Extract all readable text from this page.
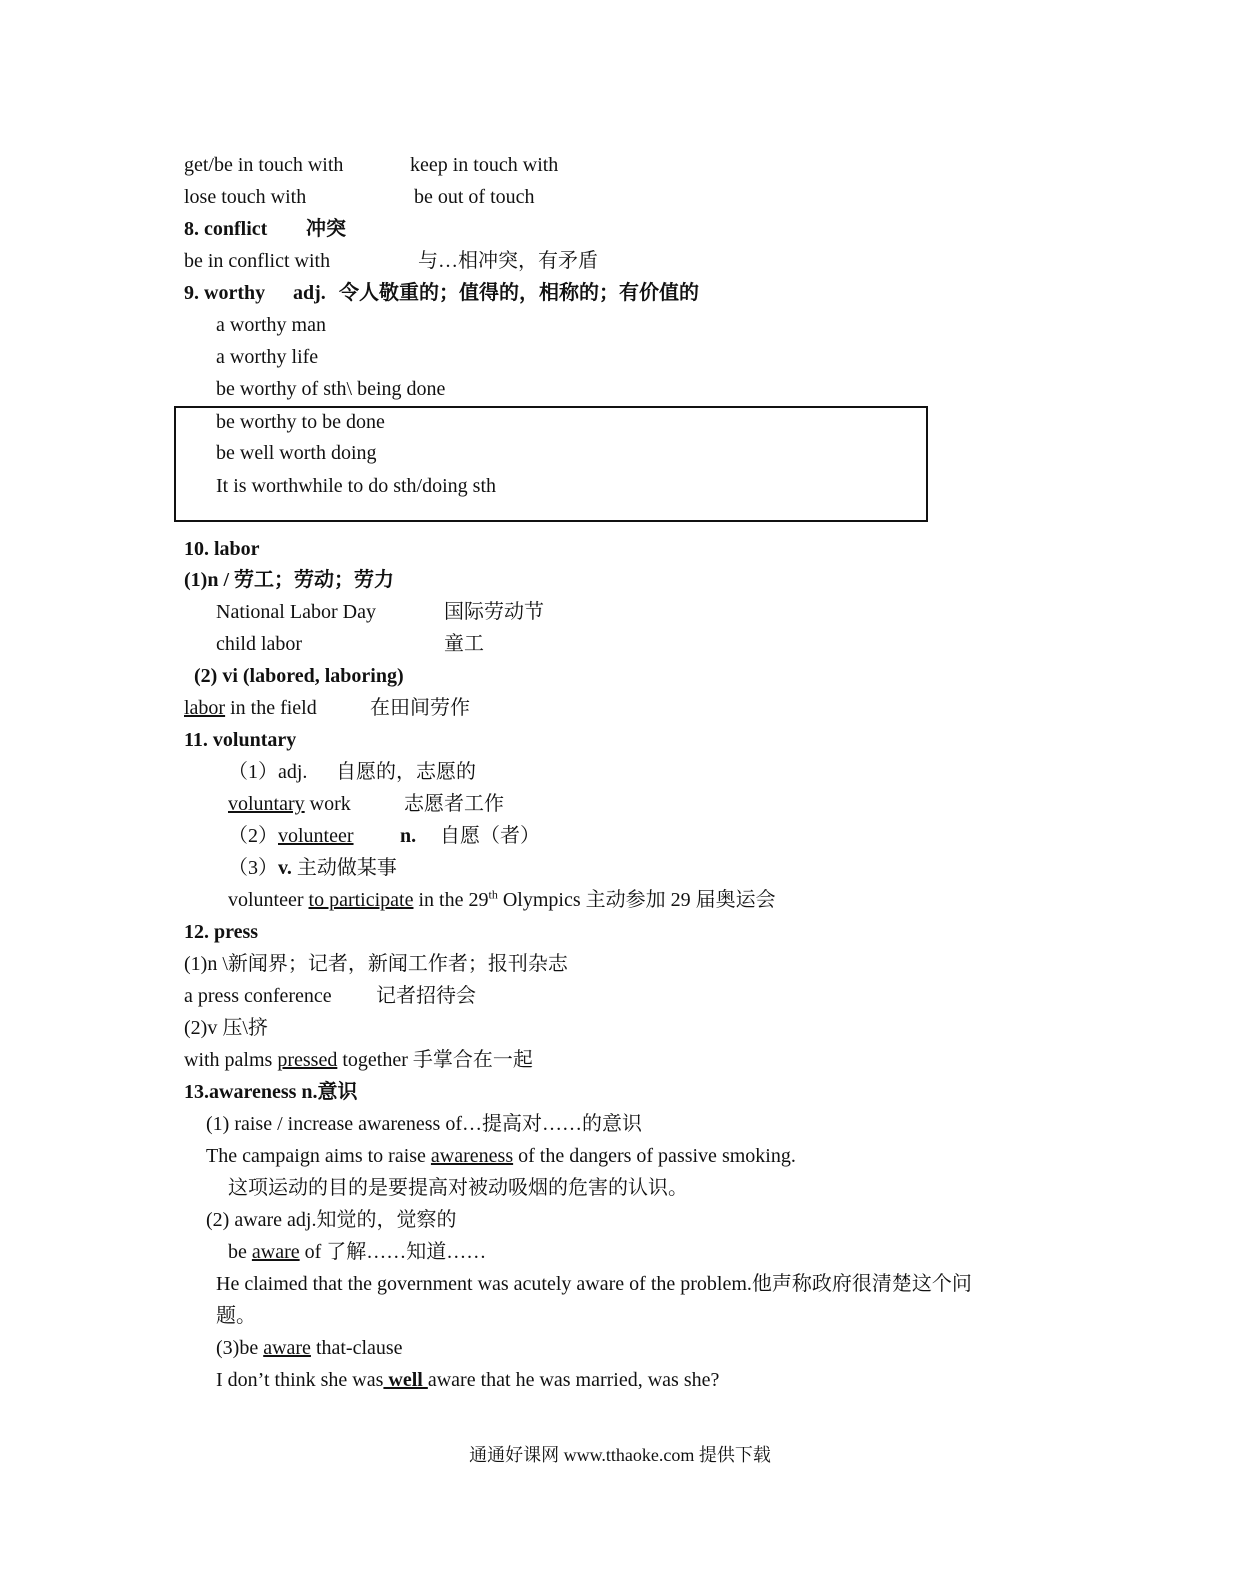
get/be in touch with	keep in touch with
lose touch with	be out of touch
8. conflict 冲突
be in conflict with	与…相冲突，有矛盾
9. worthy adj. 令人敬重的；值得的，相称的；有价值的
a worthy man
a worthy life
be worthy of sth\ being done
be worthy to be done
be well worth doing
It is worthwhile to do sth/doing sth
10. labor
(1)n / 劳工；劳动；劳力
National Labor Day	国际劳动节
child labor	童工
(2) vi (labored, laboring)
labor in the field	在田间劳作
11. voluntary
（1）adj. 自愿的，志愿的
voluntary work	志愿者工作
（2）volunteer n. 自愿（者）
（3）v. 主动做某事
volunteer to participate in the 29th Olympics 主动参加 29 届奥运会
12. press
(1)n \新闻界；记者，新闻工作者；报刊杂志
a press conference 记者招待会
(2)v 压\挤
with palms pressed together 手掌合在一起
13.awareness n.意识
(1) raise / increase awareness of…提高对……的意识
The campaign aims to raise awareness of the dangers of passive smoking.
这项运动的目的是要提高对被动吸烟的危害的认识。
(2) aware adj.知觉的，觉察的
be aware of 了解……知道……
He claimed that the government was acutely aware of the problem.他声称政府很清楚这个问
题。
(3)be aware that-clause
I don’t think she was well aware that he was married, was she?
通通好课网 www.tthaoke.com 提供下载
